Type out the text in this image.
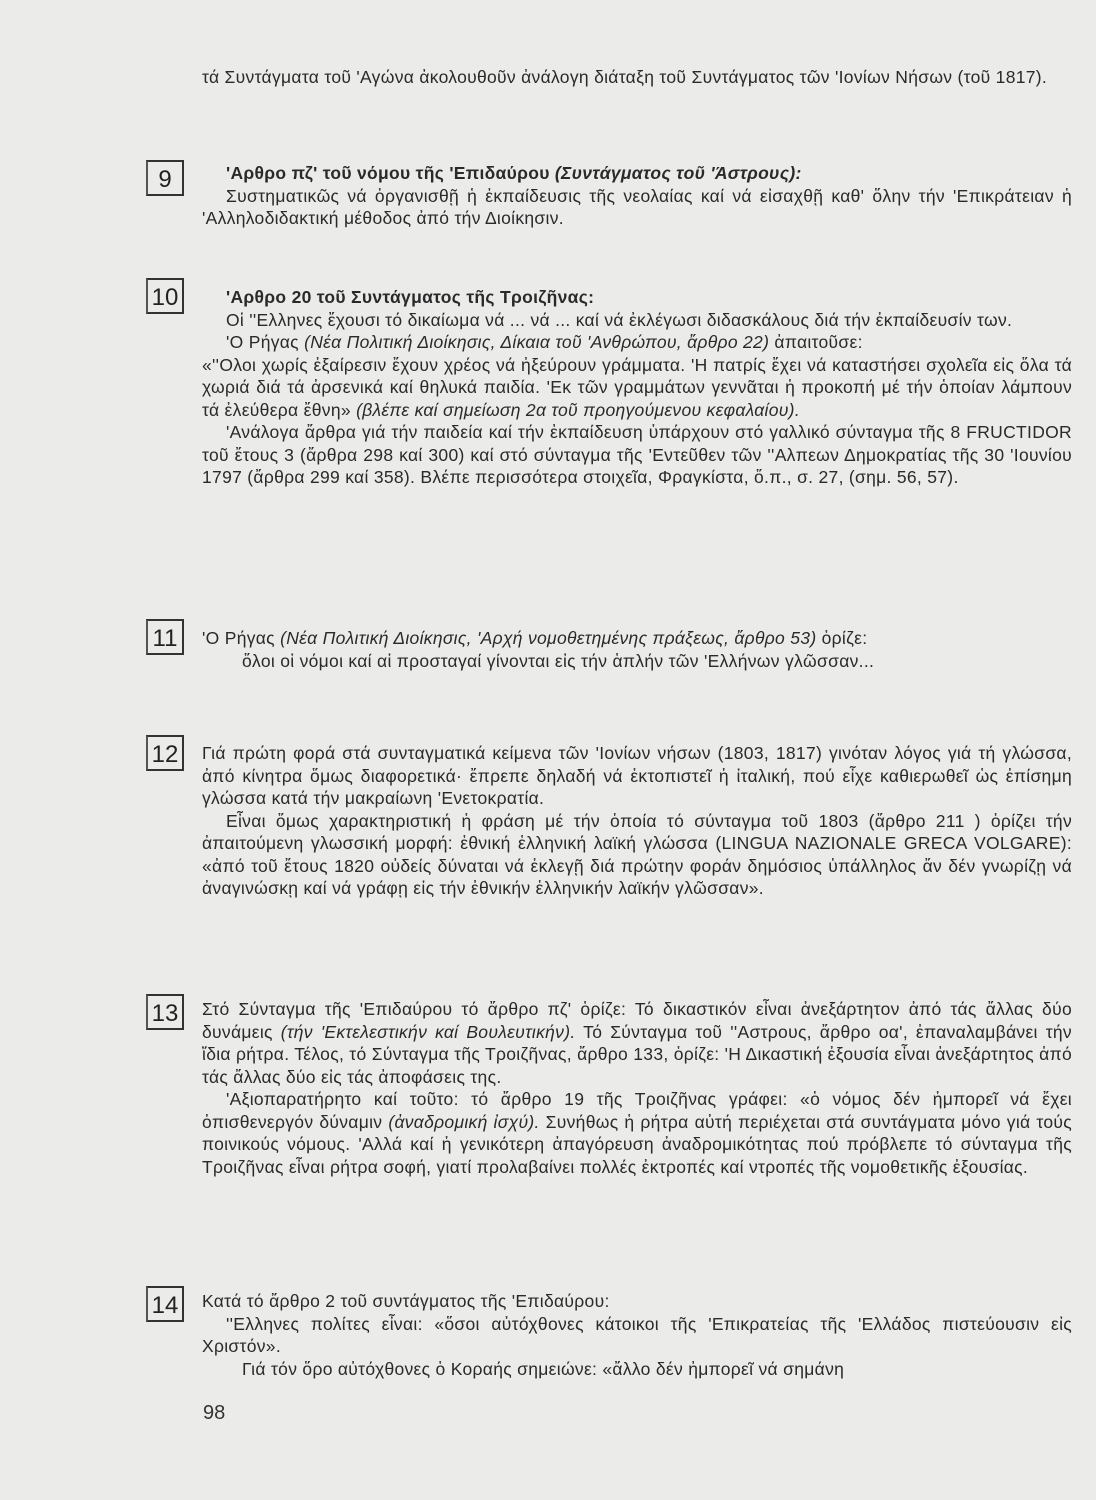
τά Συντάγματα τοῦ 'Αγώνα ἀκολουθοῦν ἀνάλογη διάταξη τοῦ Συντάγματος τῶν 'Ιονίων Νήσων (τοῦ 1817).

9	'Αρθρο πζ' τοῦ νόμου τῆς 'Επιδαύρου (Συντάγματος τοῦ 'Άστρους):

Συστηματικῶς νά ὀργανισθῇ ἡ ἐκπαίδευσις τῆς νεολαίας καί νά εἰσαχθῇ καθ' ὅλην τήν 'Επικράτειαν ἡ 'Αλληλοδιδακτική μέθοδος ἀπό τήν Διοίκησιν.

10	'Αρθρο 20 τοῦ Συντάγματος τῆς Τροιζῆνας:

Οἱ ''Ελληνες ἔχουσι τό δικαίωμα νά ... νά ... καί νά ἐκλέγωσι διδασκάλους διά τήν ἐκπαίδευσίν των.

'Ο Ρήγας (Νέα Πολιτική Διοίκησις, Δίκαια τοῦ 'Ανθρώπου, ἄρθρο 22) ἀπαιτοῦσε:

«''Ολοι χωρίς ἐξαίρεσιν ἔχουν χρέος νά ἠξεύρουν γράμματα. 'Η πατρίς ἔχει νά καταστήσει σχολεῖα εἰς ὅλα τά χωριά διά τά ἀρσενικά καί θηλυκά παιδία. 'Εκ τῶν γραμμάτων γεννᾶται ἡ προκοπή μέ τήν ὁποίαν λάμπουν τά ἐλεύθερα ἔθνη» (βλέπε καί σημείωση 2α τοῦ προηγούμενου κεφαλαίου).

'Ανάλογα ἄρθρα γιά τήν παιδεία καί τήν ἐκπαίδευση ὑπάρχουν στό γαλλικό σύνταγμα τῆς 8 FRUCTIDOR τοῦ ἔτους 3 (ἄρθρα 298 καί 300) καί στό σύνταγμα τῆς 'Εντεῦθεν τῶν ''Αλπεων Δημοκρατίας τῆς 30 'Ιουνίου 1797 (ἄρθρα 299 καί 358). Βλέπε περισσότερα στοιχεῖα, Φραγκίστα, ὅ.π., σ. 27, (σημ. 56, 57).

11	'Ο Ρήγας (Νέα Πολιτική Διοίκησις, 'Αρχή νομοθετημένης πράξεως, ἄρθρο 53) ὁρίζε:

ὅλοι οἱ νόμοι καί αἱ προσταγαί γίνονται εἰς τήν ἁπλήν τῶν 'Ελλήνων γλῶσσαν...

12	Γιά πρώτη φορά στά συνταγματικά κείμενα τῶν 'Ιονίων νήσων (1803, 1817) γινόταν λόγος γιά τή γλώσσα, ἀπό κίνητρα ὅμως διαφορετικά· ἔπρεπε δηλαδή νά ἐκτοπιστεῖ ἡ ἰταλική, πού εἶχε καθιερωθεῖ ὡς ἐπίσημη γλώσσα κατά τήν μακραίωνη 'Ενετοκρατία.

Εἶναι ὅμως χαρακτηριστική ἡ φράση μέ τήν ὁποία τό σύνταγμα τοῦ 1803 (ἄρθρο 211 ) ὁρίζει τήν ἀπαιτούμενη γλωσσική μορφή: ἐθνική ἑλληνική λαϊκή γλώσσα (LINGUA NAZIONALE GRECA VOLGARE): «ἀπό τοῦ ἔτους 1820 οὐδείς δύναται νά ἐκλεγῇ διά πρώτην φοράν δημόσιος ὑπάλληλος ἄν δέν γνωρίζῃ νά ἀναγινώσκῃ καί νά γράφῃ εἰς τήν ἐθνικήν ἑλληνικήν λαϊκήν γλῶσσαν».

13	Στό Σύνταγμα τῆς 'Επιδαύρου τό ἄρθρο πζ' ὁρίζε: Τό δικαστικόν εἶναι ἀνεξάρτητον ἀπό τάς ἄλλας δύο δυνάμεις (τήν 'Εκτελεστικήν καί Βουλευτικήν). Τό Σύνταγμα τοῦ ''Αστρους, ἄρθρο οα', ἐπαναλαμβάνει τήν ἴδια ρήτρα. Τέλος, τό Σύνταγμα τῆς Τροιζῆνας, ἄρθρο 133, ὁρίζε: 'Η Δικαστική ἐξουσία εἶναι ἀνεξάρτητος ἀπό τάς ἄλλας δύο εἰς τάς ἀποφάσεις της.

'Αξιοπαρατήρητο καί τοῦτο: τό ἄρθρο 19 τῆς Τροιζῆνας γράφει: «ὁ νόμος δέν ἠμπορεῖ νά ἔχει ὀπισθενεργόν δύναμιν (ἀναδρομική ἰσχύ). Συνήθως ἡ ρήτρα αὐτή περιέχεται στά συντάγματα μόνο γιά τούς ποινικούς νόμους. 'Αλλά καί ἡ γενικότερη ἀπαγόρευση ἀναδρομικότητας πού πρόβλεπε τό σύνταγμα τῆς Τροιζῆνας εἶναι ρήτρα σοφή, γιατί προλαβαίνει πολλές ἐκτροπές καί ντροπές τῆς νομοθετικῆς ἐξουσίας.

14	Κατά τό ἄρθρο 2 τοῦ συντάγματος τῆς 'Επιδαύρου:

''Ελληνες πολίτες εἶναι: «ὅσοι αὐτόχθονες κάτοικοι τῆς 'Επικρατείας τῆς 'Ελλάδος πιστεύουσιν εἰς Χριστόν».

Γιά τόν ὅρο αὐτόχθονες ὁ Κοραής σημειώνε: «ἄλλο δέν ἠμπορεῖ νά σημάνη

98
